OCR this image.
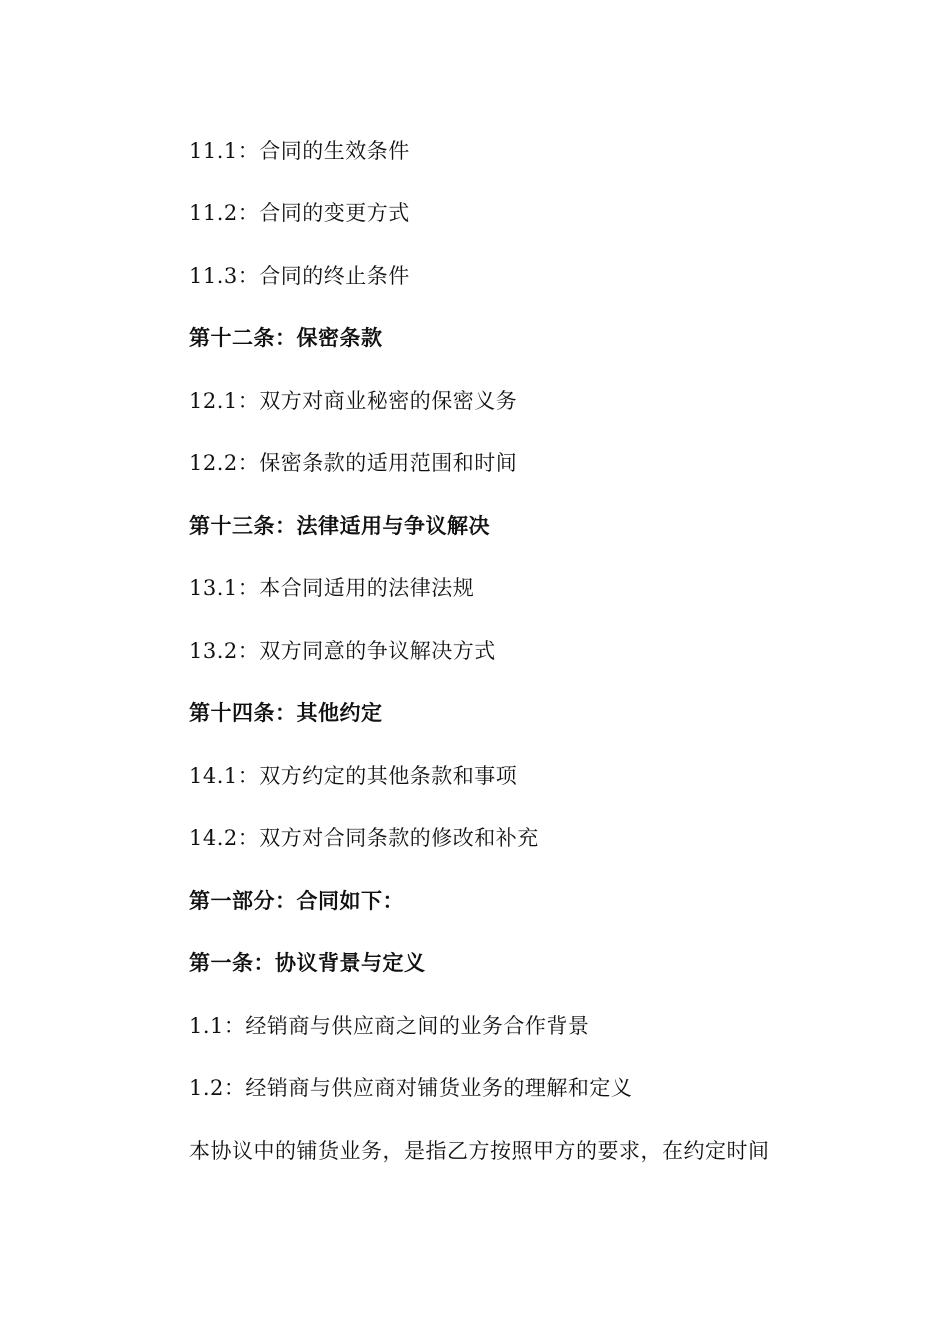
11.1：合同的生效条件
11.2：合同的变更方式
11.3：合同的终止条件
第十二条：保密条款
12.1：双方对商业秘密的保密义务
12.2：保密条款的适用范围和时间
第十三条：法律适用与争议解决
13.1：本合同适用的法律法规
13.2：双方同意的争议解决方式
第十四条：其他约定
14.1：双方约定的其他条款和事项
14.2：双方对合同条款的修改和补充
第一部分：合同如下：
第一条：协议背景与定义
1.1：经销商与供应商之间的业务合作背景
1.2：经销商与供应商对铺货业务的理解和定义
本协议中的铺货业务，是指乙方按照甲方的要求，在约定时间
